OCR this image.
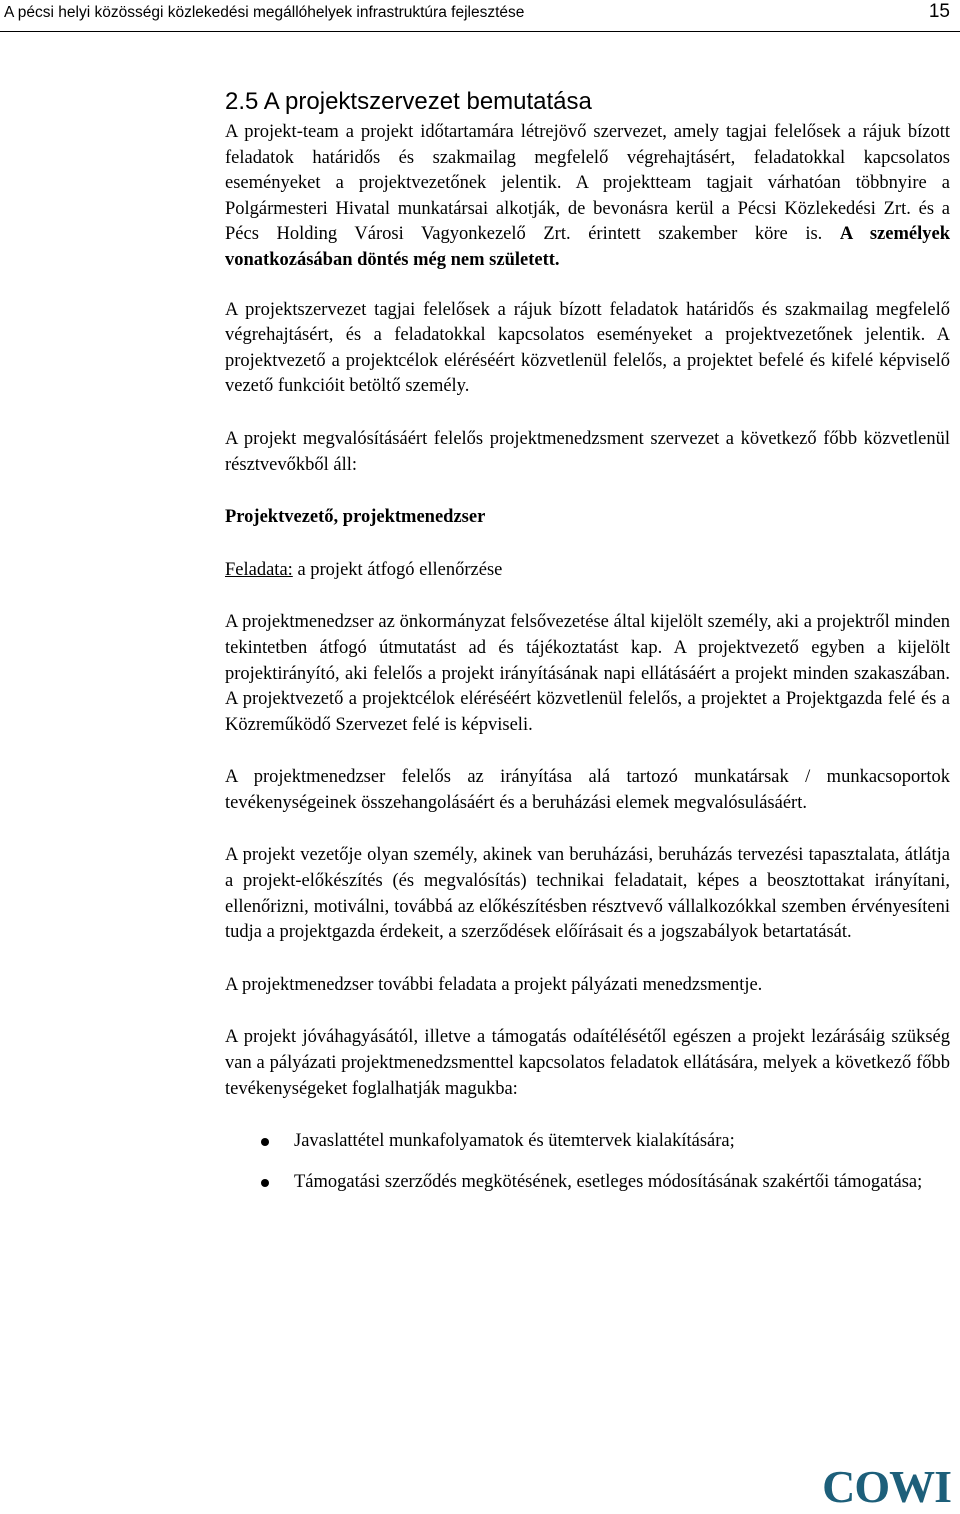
A pécsi helyi közösségi közlekedési megállóhelyek infrastruktúra fejlesztése	15
2.5 A projektszervezet bemutatása

A projekt-team a projekt időtartamára létrejövő szervezet, amely tagjai felelősek a rájuk bízott feladatok határidős és szakmailag megfelelő végrehajtásért, feladatokkal kapcsolatos eseményeket a projektvezetőnek jelentik. A projektteam tagjait várhatóan többnyire a Polgármesteri Hivatal munkatársai alkotják, de bevonásra kerül a Pécsi Közlekedési Zrt. és a Pécs Holding Városi Vagyonkezelő Zrt. érintett szakember köre is. A személyek vonatkozásában döntés még nem született.

A projektszervezet tagjai felelősek a rájuk bízott feladatok határidős és szakmailag megfelelő végrehajtásért, és a feladatokkal kapcsolatos eseményeket a projektvezetőnek jelentik. A projektvezető a projektcélok eléréséért közvetlenül felelős, a projektet befelé és kifelé képviselő vezető funkcióit betöltő személy.

A projekt megvalósításáért felelős projektmenedzsment szervezet a következő főbb közvetlenül résztvevőkből áll:

Projektvezető, projektmenedzser

Feladata: a projekt átfogó ellenőrzése

A projektmenedzser az önkormányzat felsővezetése által kijelölt személy, aki a projektről minden tekintetben átfogó útmutatást ad és tájékoztatást kap. A projektvezető egyben a kijelölt projektirányító, aki felelős a projekt irányításának napi ellátásáért a projekt minden szakaszában. A projektvezető a projektcélok eléréséért közvetlenül felelős, a projektet a Projektgazda felé és a Közreműködő Szervezet felé is képviseli.

A projektmenedzser felelős az irányítása alá tartozó munkatársak / munkacsoportok tevékenységeinek összehangolásáért és a beruházási elemek megvalósulásáért.

A projekt vezetője olyan személy, akinek van beruházási, beruházás tervezési tapasztalata, átlátja a projekt-előkészítés (és megvalósítás) technikai feladatait, képes a beosztottakat irányítani, ellenőrizni, motiválni, továbbá az előkészítésben résztvevő vállalkozókkal szemben érvényesíteni tudja a projektgazda érdekeit, a szerződések előírásait és a jogszabályok betartatását.

A projektmenedzser további feladata a projekt pályázati menedzsmentje.

A projekt jóváhagyásától, illetve a támogatás odaítélésétől egészen a projekt lezárásáig szükség van a pályázati projektmenedzsmenttel kapcsolatos feladatok ellátására, melyek a következő főbb tevékenységeket foglalhatják magukba:

Javaslattétel munkafolyamatok és ütemtervek kialakítására;
Támogatási szerződés megkötésének, esetleges módosításának szakértői támogatása;
COWI
